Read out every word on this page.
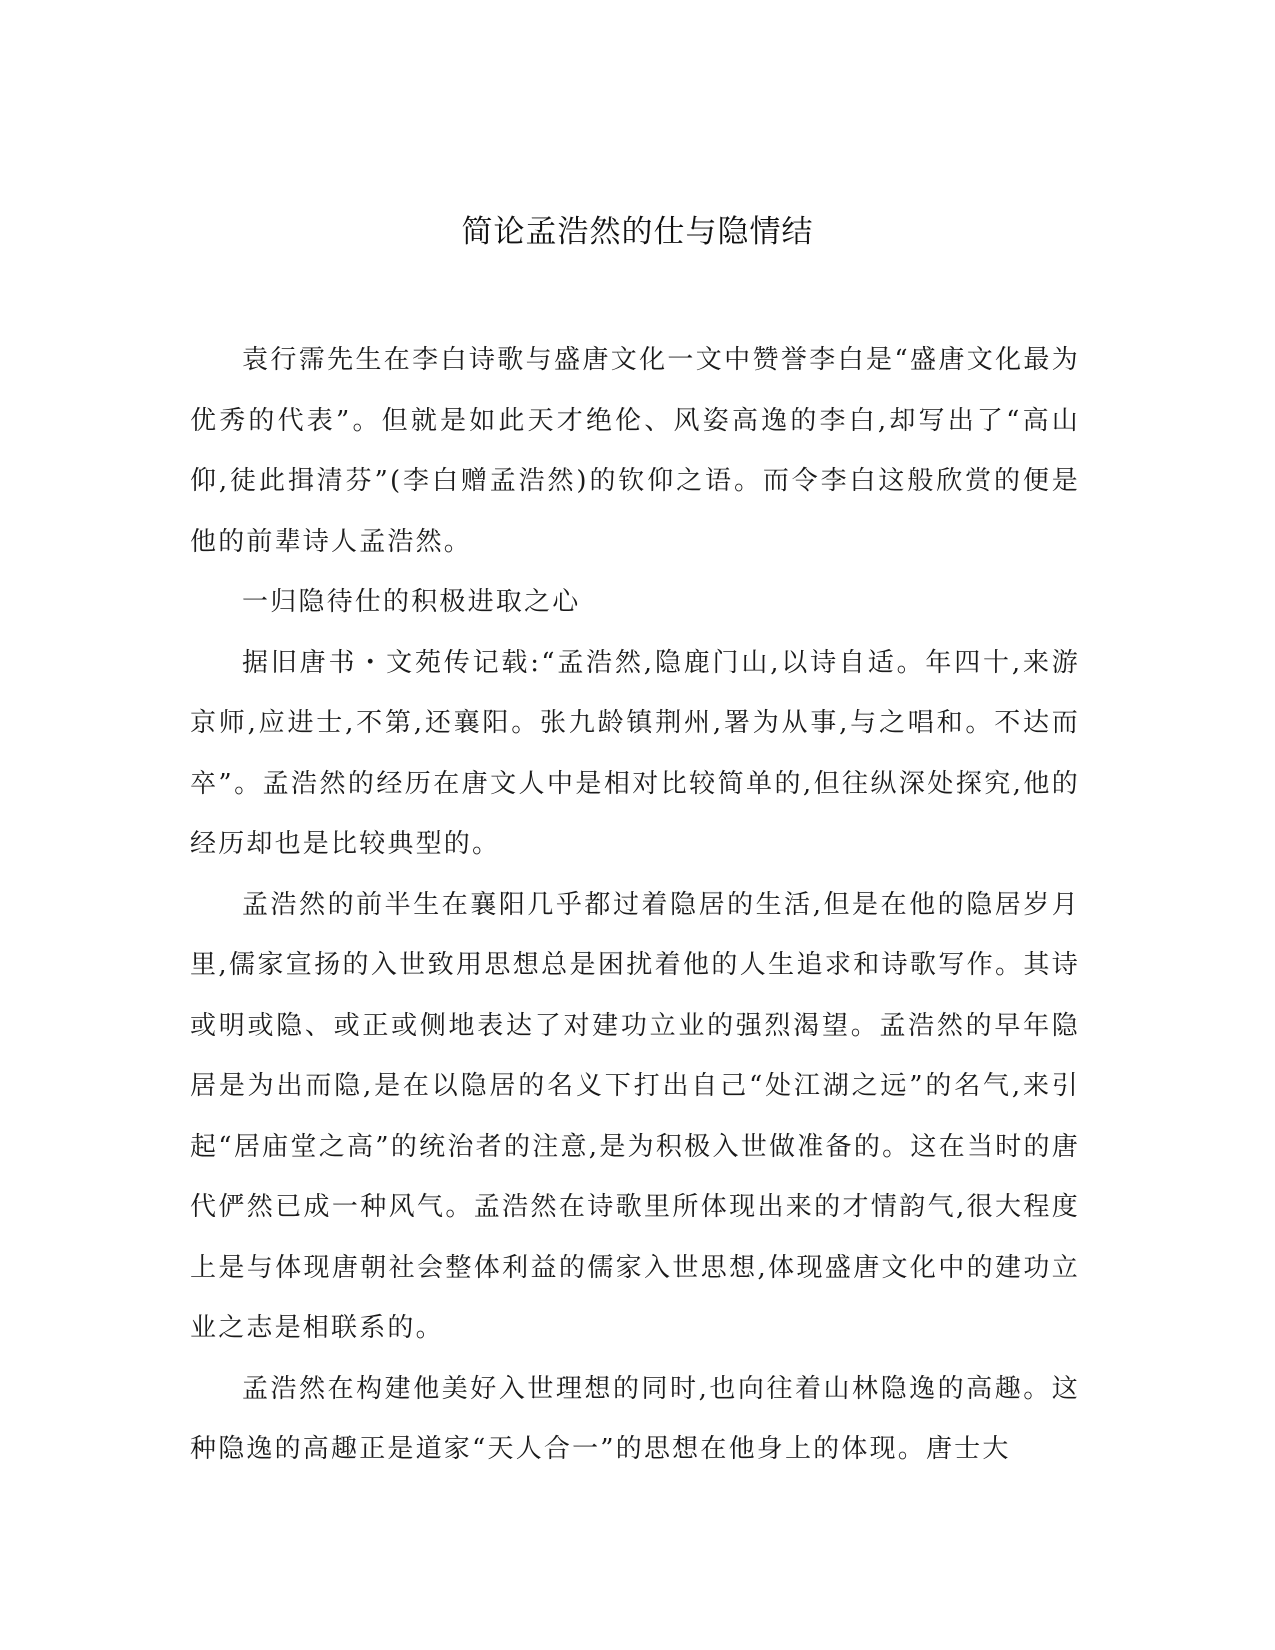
简论孟浩然的仕与隐情结

袁行霈先生在李白诗歌与盛唐文化一文中赞誉李白是“盛唐文化最为优秀的代表”。但就是如此天才绝伦、风姿高逸的李白,却写出了“高山仰,徒此揖清芬”(李白赠孟浩然)的钦仰之语。而令李白这般欣赏的便是他的前辈诗人孟浩然。

一归隐待仕的积极进取之心

据旧唐书・文苑传记载:“孟浩然,隐鹿门山,以诗自适。年四十,来游京师,应进士,不第,还襄阳。张九龄镇荆州,署为从事,与之唱和。不达而卒”。孟浩然的经历在唐文人中是相对比较简单的,但往纵深处探究,他的经历却也是比较典型的。

孟浩然的前半生在襄阳几乎都过着隐居的生活,但是在他的隐居岁月里,儒家宣扬的入世致用思想总是困扰着他的人生追求和诗歌写作。其诗或明或隐、或正或侧地表达了对建功立业的强烈渴望。孟浩然的早年隐居是为出而隐,是在以隐居的名义下打出自己“处江湖之远”的名气,来引起“居庙堂之高”的统治者的注意,是为积极入世做准备的。这在当时的唐代俨然已成一种风气。孟浩然在诗歌里所体现出来的才情韵气,很大程度上是与体现唐朝社会整体利益的儒家入世思想,体现盛唐文化中的建功立业之志是相联系的。

孟浩然在构建他美好入世理想的同时,也向往着山林隐逸的高趣。这种隐逸的高趣正是道家“天人合一”的思想在他身上的体现。唐士大
